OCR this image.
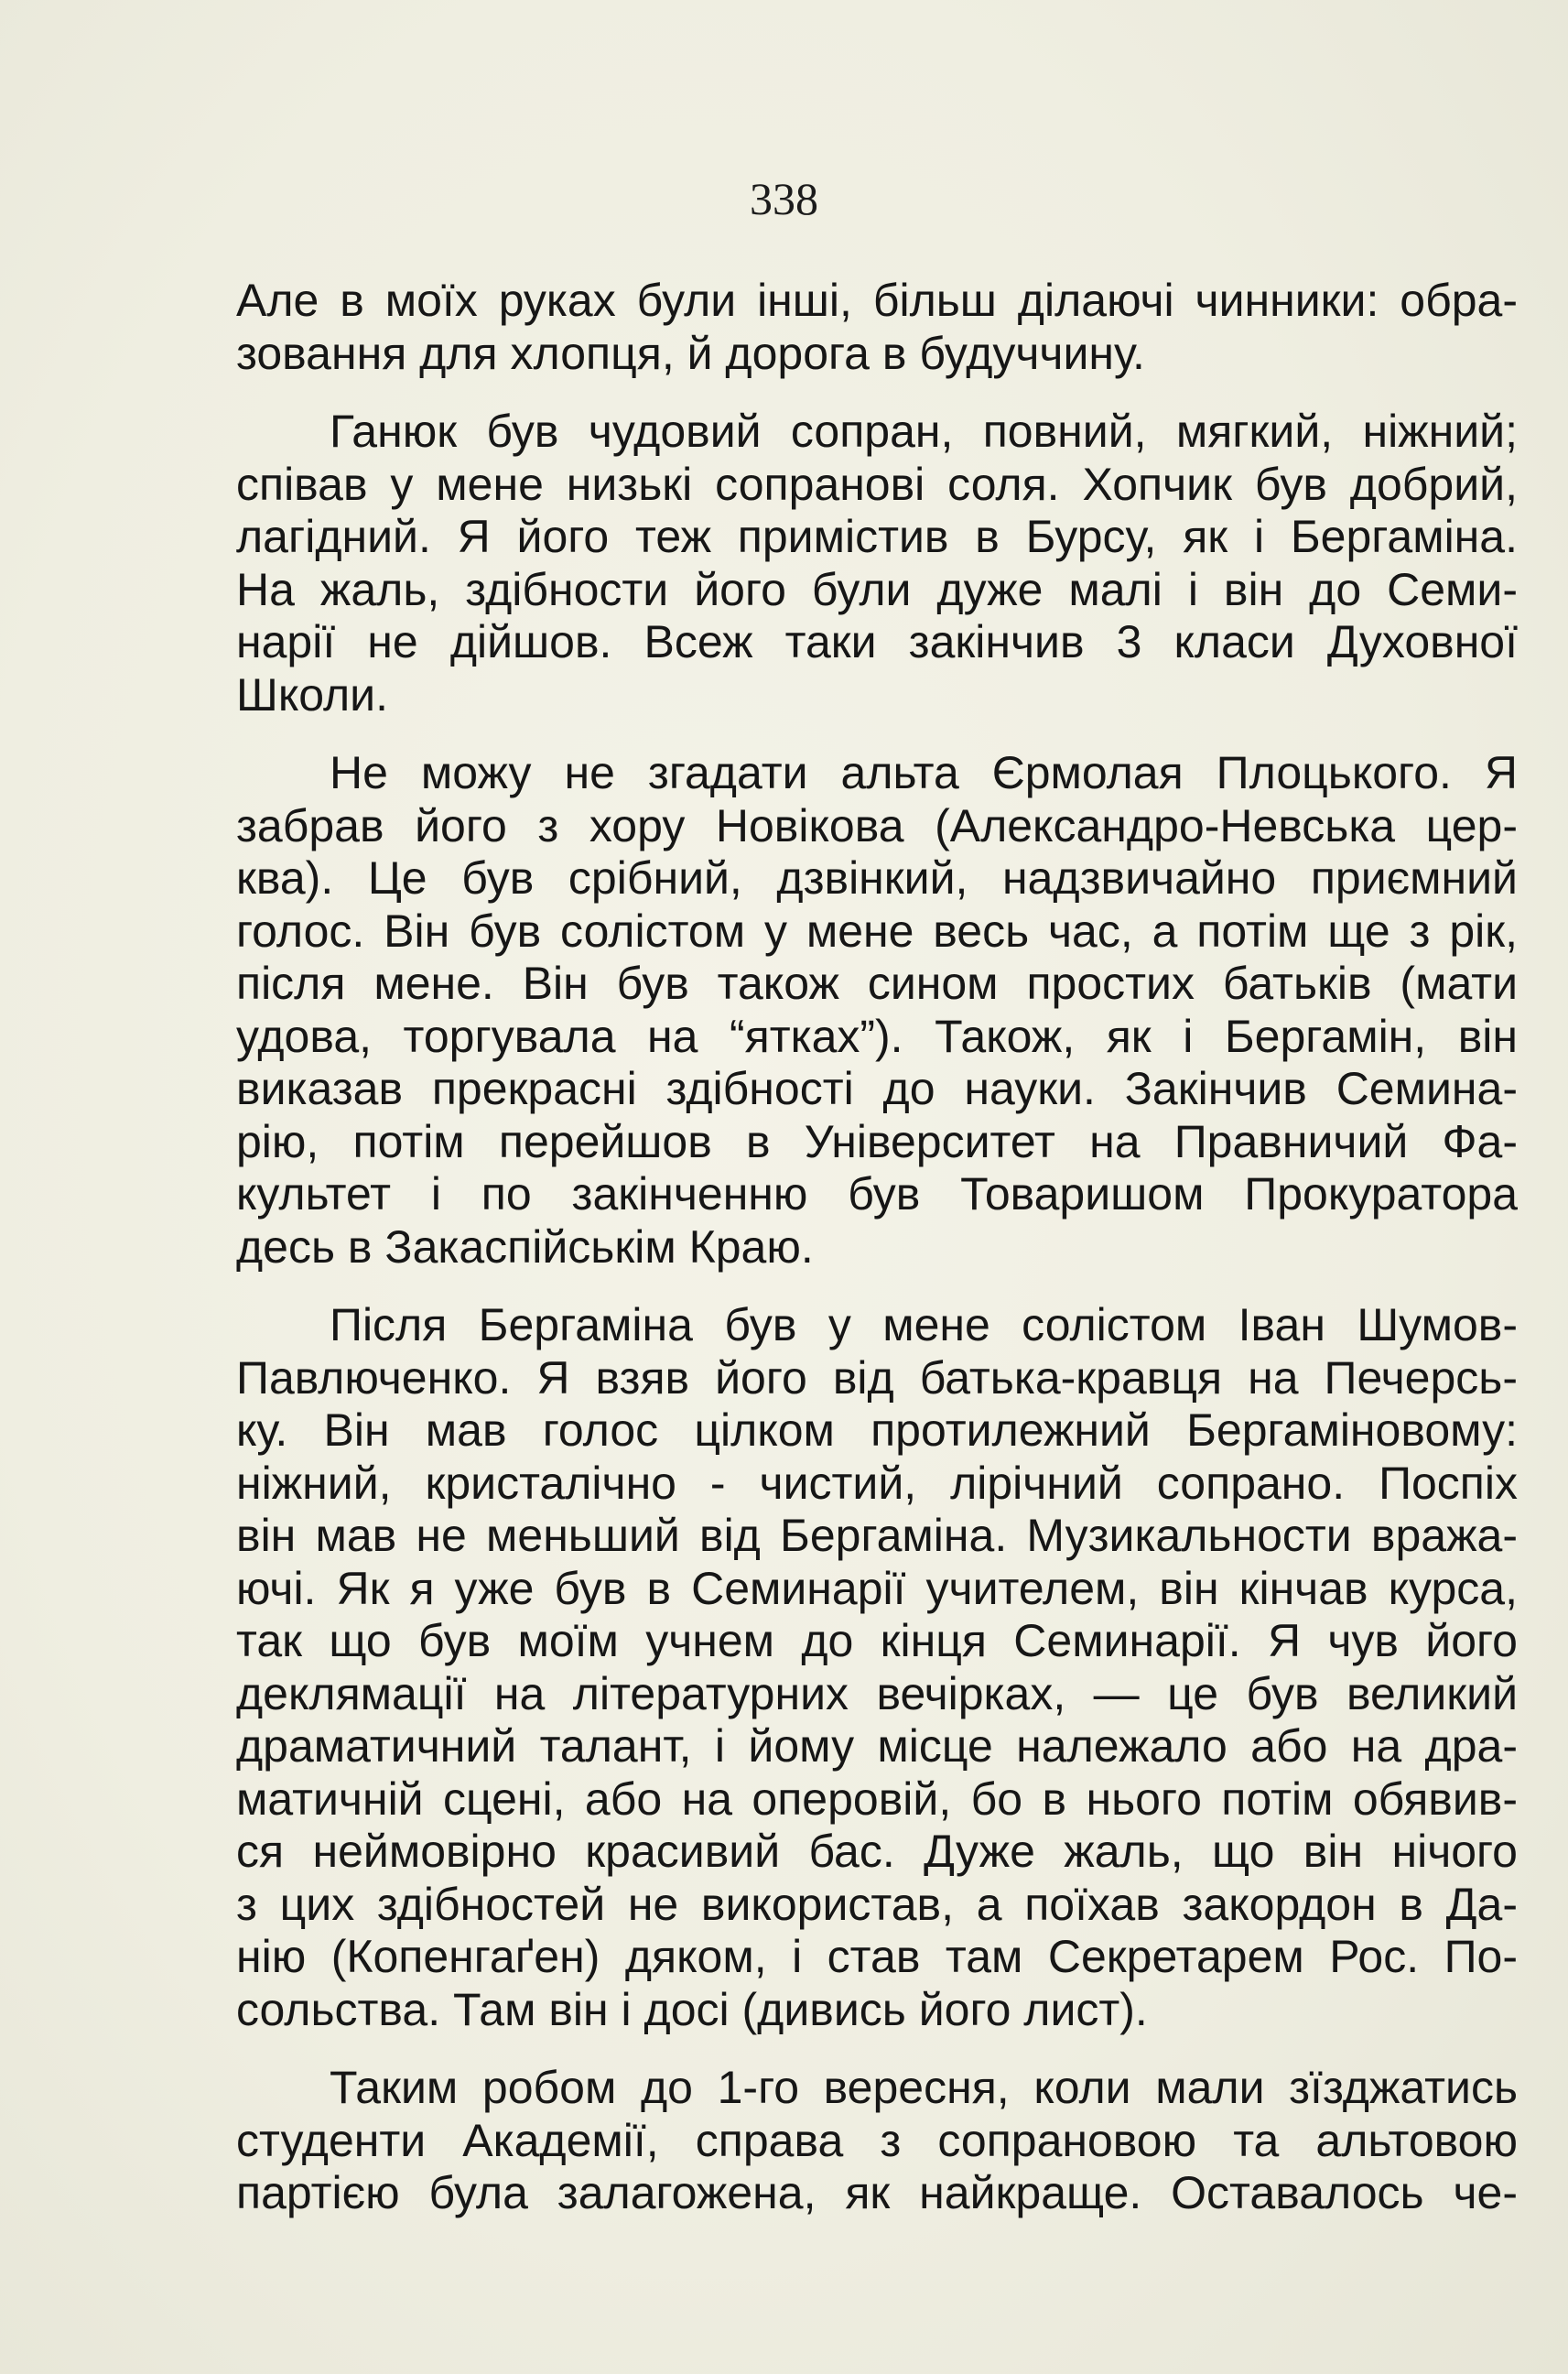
338
Але в моїх руках були інші, більш ділаючі чинники: обра-
зовання для хлопця, й дорога в будуччину.
Ганюк був чудовий сопран, повний, мягкий, ніжний;
співав у мене низькі сопранові соля. Хопчик був добрий,
лагідний. Я його теж примістив в Бурсу, як і Бергаміна.
На жаль, здібности його були дуже малі і він до Семи-
нарії не дійшов. Всеж таки закінчив 3 класи Духовної
Школи.
Не можу не згадати альта Єрмолая Плоцького. Я
забрав його з хору Новікова (Александро-Невська цер-
ква). Це був срібний, дзвінкий, надзвичайно приємний
голос. Він був солістом у мене весь час, а потім ще з рік,
після мене. Він був також сином простих батьків (мати
удова, торгувала на “ятках”). Також, як і Бергамін, він
виказав прекрасні здібності до науки. Закінчив Семина-
рію, потім перейшов в Університет на Правничий Фа-
культет і по закінченню був Товаришом Прокуратора
десь в Закаспійськім Краю.
Після Бергаміна був у мене солістом Іван Шумов-
Павлюченко. Я взяв його від батька-кравця на Печерсь-
ку. Він мав голос цілком протилежний Бергаміновому:
ніжний, кристалічно - чистий, лірічний сопрано. Поспіх
він мав не меньший від Бергаміна. Музикальности вража-
ючі. Як я уже був в Семинарії учителем, він кінчав курса,
так що був моїм учнем до кінця Семинарії. Я чув його
деклямації на літературних вечірках, — це був великий
драматичний талант, і йому місце належало або на дра-
матичній сцені, або на оперовій, бо в нього потім обявив-
ся неймовірно красивий бас. Дуже жаль, що він нічого
з цих здібностей не використав, а поїхав закордон в Да-
нію (Копенгаґен) дяком, і став там Секретарем Рос. По-
сольства. Там він і досі (дивись його лист).
Таким робом до 1-го вересня, коли мали зїзджатись
студенти Академії, справа з сопрановою та альтовою
партією була залагожена, як найкраще. Оставалось че-
